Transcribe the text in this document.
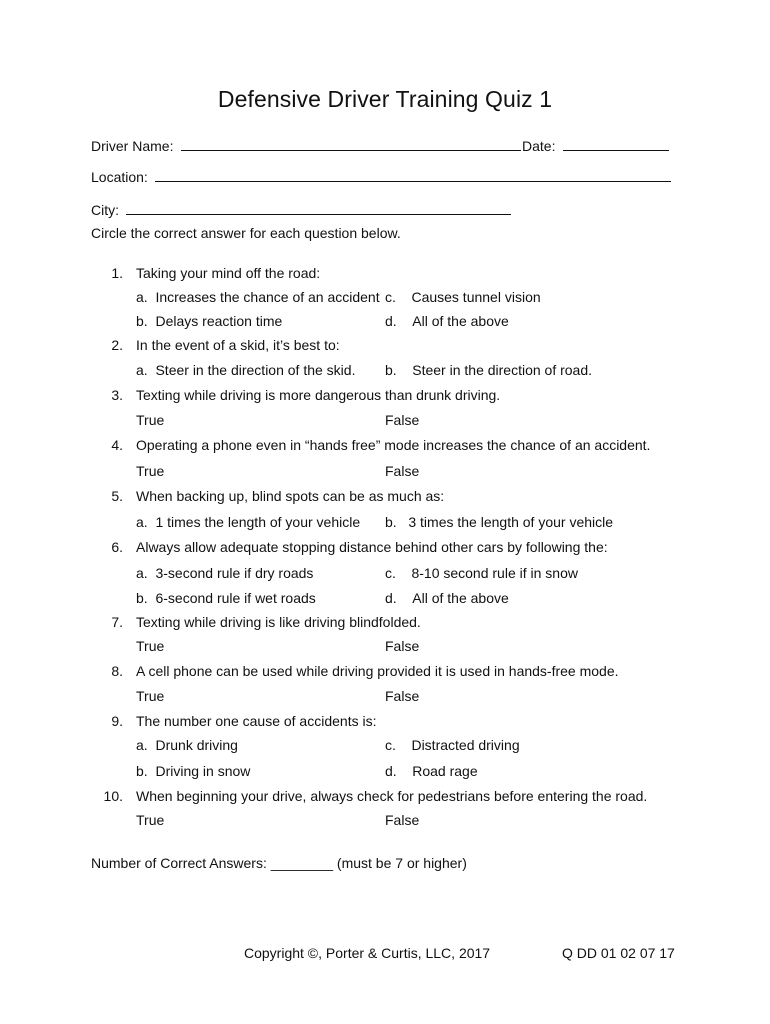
Defensive Driver Training Quiz 1
Driver Name:	Date:
Location:
City:
Circle the correct answer for each question below.
1. Taking your mind off the road:
a. Increases the chance of an accident c. Causes tunnel vision
b. Delays reaction time	d. All of the above
2. In the event of a skid, it’s best to:
a. Steer in the direction of the skid. b. Steer in the direction of road.
3. Texting while driving is more dangerous than drunk driving.
True	False
4. Operating a phone even in “hands free” mode increases the chance of an accident.
True	False
5. When backing up, blind spots can be as much as:
a. 1 times the length of your vehicle b. 3 times the length of your vehicle
6. Always allow adequate stopping distance behind other cars by following the:
a. 3-second rule if dry roads	c. 8-10 second rule if in snow
b. 6-second rule if wet roads	d. All of the above
7. Texting while driving is like driving blindfolded.
True	False
8. A cell phone can be used while driving provided it is used in hands-free mode.
True	False
9. The number one cause of accidents is:
a. Drunk driving	c. Distracted driving
b. Driving in snow	d. Road rage
10. When beginning your drive, always check for pedestrians before entering the road.
True	False
Number of Correct Answers: ________ (must be 7 or higher)
Copyright ©, Porter & Curtis, LLC, 2017	Q DD 01 02 07 17
